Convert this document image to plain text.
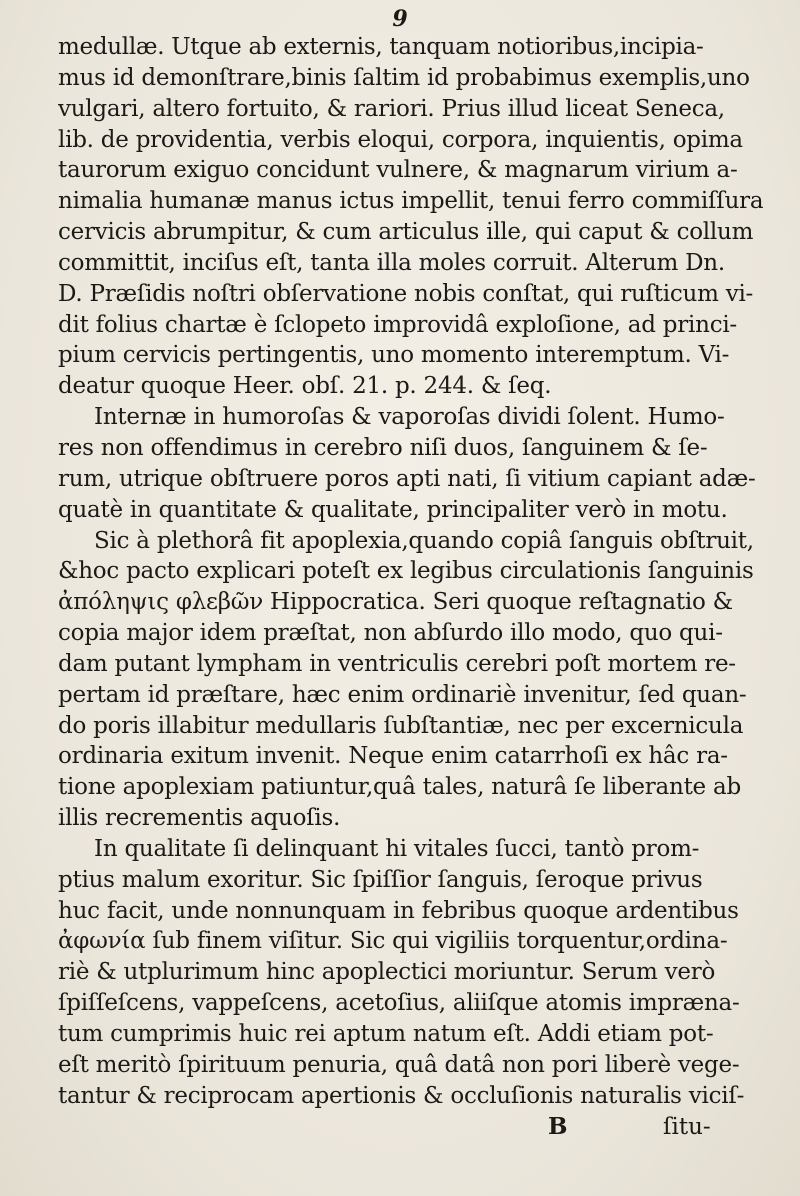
9
medullæ. Utque ab externis, tanquam notioribus,incipia-
mus id demonſtrare,binis ſaltim id probabimus exemplis,uno
vulgari, altero fortuito, & rariori. Prius illud liceat Seneca,
lib. de providentia, verbis eloqui, corpora, inquientis, opima
taurorum exiguo concidunt vulnere, & magnarum virium a-
nimalia humanæ manus ictus impellit, tenui ferro commiſſura
cervicis abrumpitur, & cum articulus ille, qui caput & collum
committit, inciſus eſt, tanta illa moles corruit. Alterum Dn.
D. Præſidis noſtri obſervatione nobis conſtat, qui ruſticum vi-
dit folius chartæ è ſclopeto improvidâ exploſione, ad princi-
pium cervicis pertingentis, uno momento interemptum. Vi-
deatur quoque Heer. obſ. 21. p. 244. & ſeq.
Internæ in humoroſas & vaporoſas dividi ſolent. Humo-
res non offendimus in cerebro niſi duos, ſanguinem & ſe-
rum, utrique obſtruere poros apti nati, ſi vitium capiant adæ-
quatè in quantitate & qualitate, principaliter verò in motu.
Sic à plethorâ fit apoplexia,quando copiâ ſanguis obſtruit,
&hoc pacto explicari poteſt ex legibus circulationis ſanguinis
ἀπόληψις φλεβῶν Hippocratica. Seri quoque reſtagnatio &
copia major idem præſtat, non abſurdo illo modo, quo qui-
dam putant lympham in ventriculis cerebri poſt mortem re-
pertam id præſtare, hæc enim ordinariè invenitur, ſed quan-
do poris illabitur medullaris ſubſtantiæ, nec per excernicula
ordinaria exitum invenit. Neque enim catarrhoſi ex hâc ra-
tione apoplexiam patiuntur,quâ tales, naturâ ſe liberante ab
illis recrementis aquoſis.
In qualitate ſi delinquant hi vitales ſucci, tantò prom-
ptius malum exoritur. Sic ſpiſſior ſanguis, ſeroque privus
huc facit, unde nonnunquam in febribus quoque ardentibus
ἀφωνία ſub finem viſitur. Sic qui vigiliis torquentur,ordina-
riè & utplurimum hinc apoplectici moriuntur. Serum verò
ſpiſſeſcens, vappeſcens, acetoſius, aliiſque atomis impræna-
tum cumprimis huic rei aptum natum eſt. Addi etiam pot-
eſt meritò ſpirituum penuria, quâ datâ non pori liberè vege-
tantur & reciprocam apertionis & occluſionis naturalis viciſ-
B	ſitu-
